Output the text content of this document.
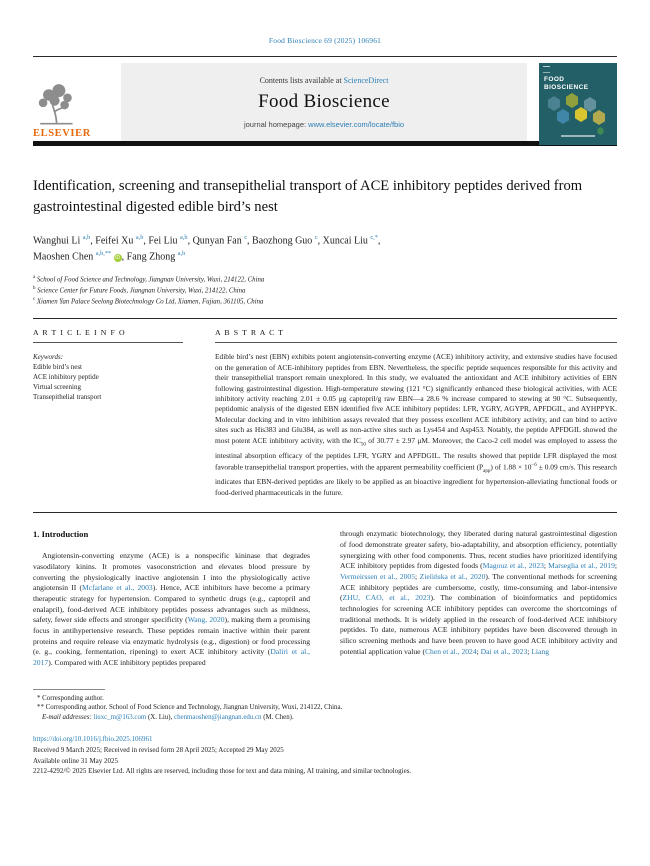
Food Bioscience 69 (2025) 106961
ELSEVIER
Contents lists available at ScienceDirect
Food Bioscience
journal homepage: www.elsevier.com/locate/fbio
FOOD
BIOSCIENCE
Identification, screening and transepithelial transport of ACE inhibitory peptides derived from gastrointestinal digested edible bird’s nest
Wanghui Li $^{a,b}$, Feifei Xu $^{a,b}$, Fei Liu $^{a,b}$, Qunyan Fan $^c$, Baozhong Guo $^c$, Xuncai Liu $^{c,*}$,
Maoshen Chen $^{a,b,**}$ iD , Fang Zhong $^{a,b}$
$^a$ School of Food Science and Technology, Jiangnan University, Wuxi, 214122, China
$^b$ Science Center for Future Foods, Jiangnan University, Wuxi, 214122, China
$^c$ Xiamen Yan Palace Seelong Biotechnology Co Ltd, Xiamen, Fujian, 361105, China
A R T I C L E I N F O
Keywords:
Edible bird’s nest
ACE inhibitory peptide
Virtual screening
Transepithelial transport
A B S T R A C T

Edible bird’s nest (EBN) exhibits potent angiotensin-converting enzyme (ACE) inhibitory activity, and extensive studies have focused on the generation of ACE-inhibitory peptides from EBN. Nevertheless, the specific peptide sequences responsible for this activity and their transepithelial transport remain unexplored. In this study, we evaluated the antioxidant and ACE inhibitory activities of EBN following gastrointestinal digestion. High-temperature stewing (121 °C) significantly enhanced these biological activities, with ACE inhibitory activity reaching 2.01 ± 0.05 μg captopril/g raw EBN—a 28.6 % increase compared to stewing at 90 °C. Subsequently, peptidomic analysis of the digested EBN identified five ACE inhibitory peptides: LFR, YGRY, AGYPR, APFDGIL, and AYHPPYK. Molecular docking and in vitro inhibition assays revealed that they possess excellent ACE inhibitory activity, and can bind to active sites such as His383 and Glu384, as well as non-active sites such as Lys454 and Asp453. Notably, the peptide APFDGIL showed the most potent ACE inhibitory activity, with the $IC_{50}$ of 30.77 ± 2.97 μM. Moreover, the Caco-2 cell model was employed to assess the intestinal absorption efficacy of the peptides LFR, YGRY and APFDGIL. The results showed that peptide LFR displayed the most favorable transepithelial transport properties, with the apparent permeability coefficient $(P_{app})$ of $1.88 \times 10^{-6} \pm 0.09$ cm/s. This research indicates that EBN-derived peptides are likely to be applied as an bioactive ingredient for hypertension-alleviating functional foods or food-derived pharmaceuticals in the future.

1. Introduction

Angiotensin-converting enzyme (ACE) is a nonspecific kininase that degrades vasodilatory kinins. It promotes vasoconstriction and elevates blood pressure by converting the physiologically inactive angiotensin I into the physiologically active angiotensin II (Mcfarlane et al., 2003). Hence, ACE inhibitors have become a primary therapeutic strategy for hypertension. Compared to synthetic drugs (e.g., captopril and enalapril), food-derived ACE inhibitory peptides possess advantages such as mildness, safety, fewer side effects and stronger specificity (Wang, 2020), making them a promising focus in antihypertensive research. These peptides remain inactive within their parent proteins and require release via enzymatic hydrolysis (e.g., digestion) or food processing (e. g., cooking, fermentation, ripening) to exert ACE inhibitory activity (Daliri et al., 2017). Compared with ACE inhibitory peptides prepared

through enzymatic biotechnology, they liberated during natural gastrointestinal digestion of food demonstrate greater safety, bio-adaptability, and absorption efficiency, potentially synergizing with other food components. Thus, recent studies have prioritized identifying ACE inhibitory peptides from digested foods (Magouz et al., 2023; Marseglia et al., 2019; Vermeirssen et al., 2005; Zielińska et al., 2020). The conventional methods for screening ACE inhibitory peptides are cumbersome, costly, time-consuming and labor-intensive (ZHU, CAO, et al., 2023). The combination of bioinformatics and peptidomics technologies for screening ACE inhibitory peptides can overcome the shortcomings of traditional methods. It is widely applied in the research of food-derived ACE inhibitory peptides. To date, numerous ACE inhibitory peptides have been discovered through in silico screening methods and have been proven to have good ACE inhibitory activity and potential application value (Chen et al., 2024; Dai et al., 2023; Liang

* Corresponding author.
** Corresponding author. School of Food Science and Technology, Jiangnan University, Wuxi, 214122, China.
E-mail addresses: liuxc_m@163.com (X. Liu), chenmaoshen@jiangnan.edu.cn (M. Chen).
https://doi.org/10.1016/j.fbio.2025.106961
Received 9 March 2025; Received in revised form 28 April 2025; Accepted 29 May 2025
Available online 31 May 2025
2212-4292/© 2025 Elsevier Ltd. All rights are reserved, including those for text and data mining, AI training, and similar technologies.
